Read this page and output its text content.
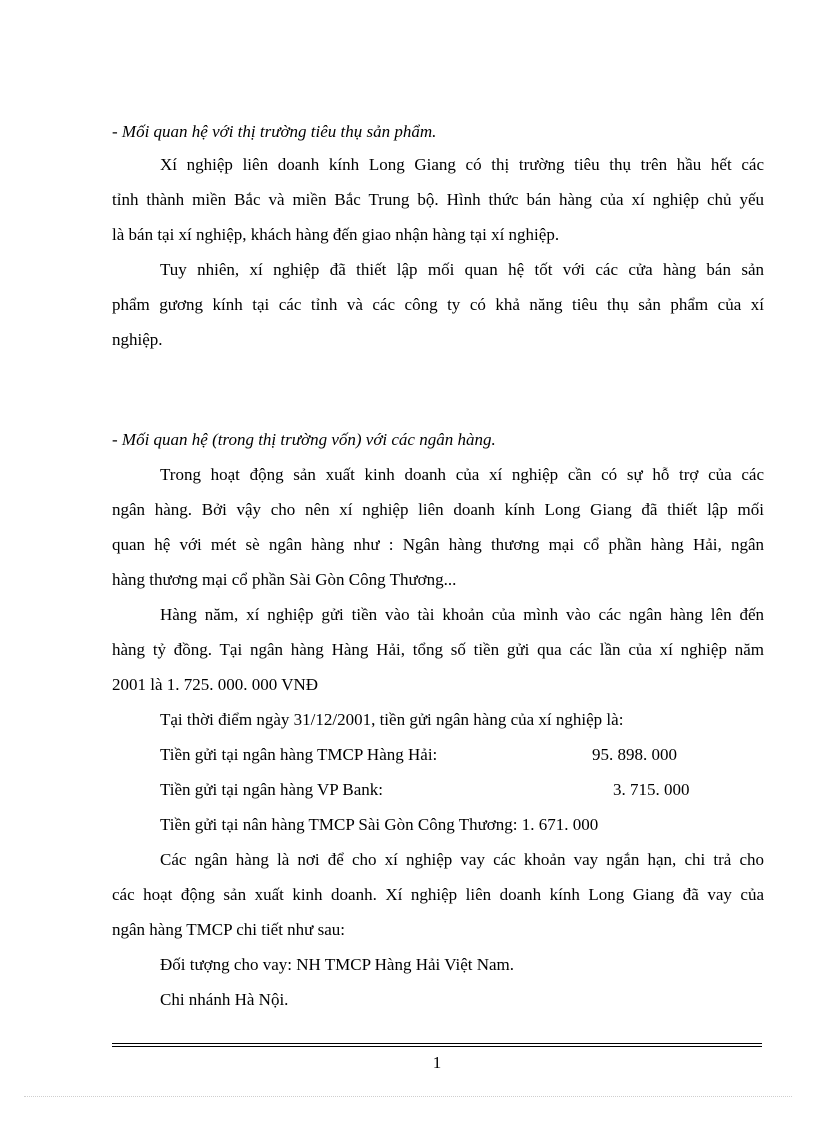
- Mối quan hệ với thị trường tiêu thụ sản phẩm.
Xí nghiệp liên doanh kính Long Giang có thị trường tiêu thụ trên hầu hết các
tỉnh thành miền Bắc và miền Bắc Trung bộ. Hình thức bán hàng của xí nghiệp chủ yếu
là bán tại xí nghiệp, khách hàng đến giao nhận hàng tại xí nghiệp.
Tuy nhiên, xí nghiệp đã thiết lập mối quan hệ tốt với các cửa hàng bán sản
phẩm gương kính tại các tỉnh và các công ty có khả năng tiêu thụ sản phẩm của xí
nghiệp.
- Mối quan hệ (trong thị trường vốn) với các ngân hàng.
Trong hoạt động sản xuất kinh doanh của xí nghiệp cần có sự hỗ trợ của các
ngân hàng. Bởi vậy cho nên xí nghiệp liên doanh kính Long Giang đã thiết lập mối
quan hệ với mét sè ngân hàng như : Ngân hàng thương mại cổ phần hàng Hải, ngân
hàng thương mại cổ phần Sài Gòn Công Thương...
Hàng năm, xí nghiệp gửi tiền vào tài khoản của mình vào các ngân hàng lên đến
hàng tỷ đồng. Tại ngân hàng Hàng Hải, tổng số tiền gửi qua các lần của xí nghiệp năm
2001 là 1. 725. 000. 000 VNĐ
Tại thời điểm ngày 31/12/2001, tiền gửi ngân hàng của xí nghiệp là:
Tiền gửi tại ngân hàng TMCP Hàng Hải:	95. 898. 000
Tiền gửi tại ngân hàng VP Bank:	3. 715. 000
Tiền gửi tại nân hàng TMCP Sài Gòn Công Thương: 1. 671. 000
Các ngân hàng là nơi để cho xí nghiệp vay các khoản vay ngắn hạn, chi trả cho
các hoạt động sản xuất kinh doanh. Xí nghiệp liên doanh kính Long Giang đã vay của
ngân hàng TMCP chi tiết như sau:
Đối tượng cho vay: NH TMCP Hàng Hải Việt Nam.
Chi nhánh Hà Nội.
1
